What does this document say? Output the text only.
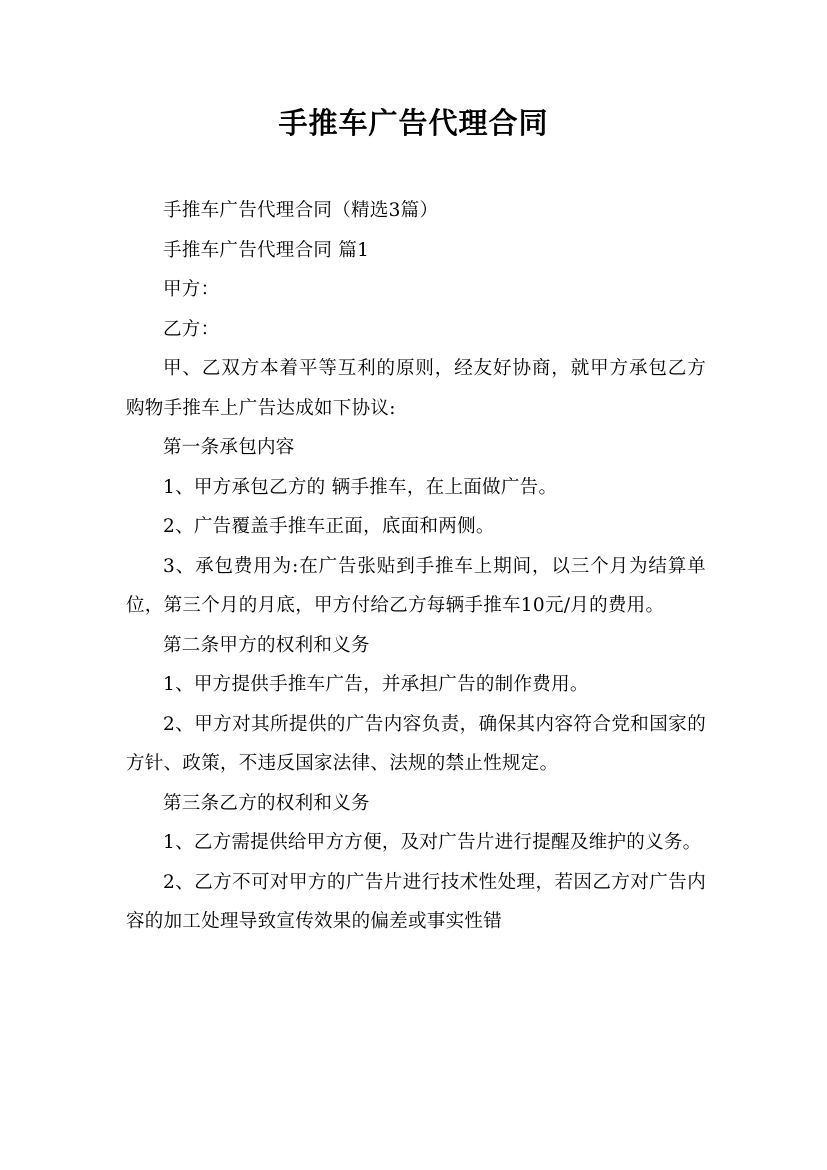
手推车广告代理合同

手推车广告代理合同（精选3篇）

手推车广告代理合同 篇1

甲方：

乙方：

甲、乙双方本着平等互利的原则，经友好协商，就甲方承包乙方购物手推车上广告达成如下协议:

第一条承包内容

1、甲方承包乙方的 辆手推车，在上面做广告。

2、广告覆盖手推车正面，底面和两侧。

3、承包费用为:在广告张贴到手推车上期间，以三个月为结算单位，第三个月的月底，甲方付给乙方每辆手推车10元/月的费用。

第二条甲方的权利和义务

1、甲方提供手推车广告，并承担广告的制作费用。

2、甲方对其所提供的广告内容负责，确保其内容符合党和国家的方针、政策，不违反国家法律、法规的禁止性规定。

第三条乙方的权利和义务

1、乙方需提供给甲方方便，及对广告片进行提醒及维护的义务。

2、乙方不可对甲方的广告片进行技术性处理，若因乙方对广告内容的加工处理导致宣传效果的偏差或事实性错
